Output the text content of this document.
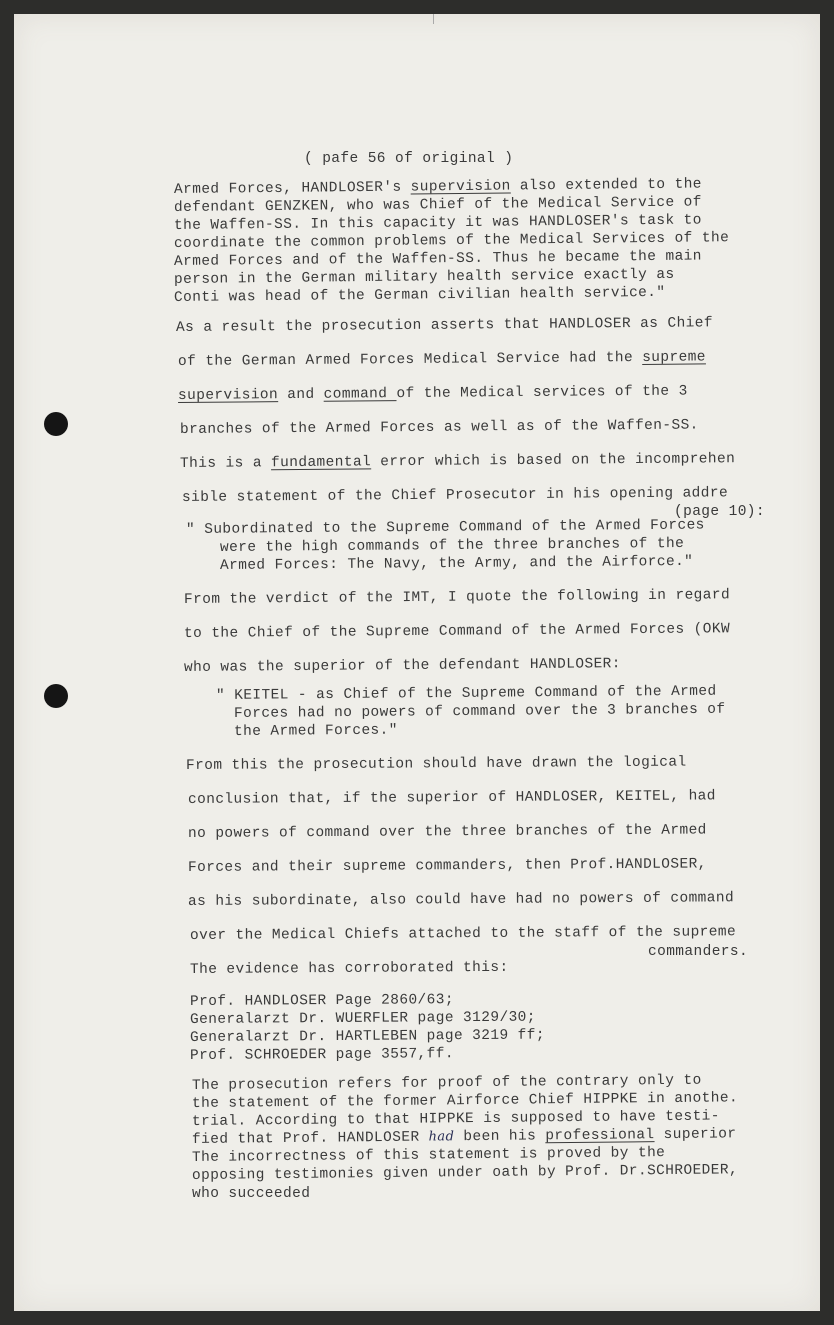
( pafe 56 of original )
Armed Forces, HANDLOSER's supervision also extended to the
defendant GENZKEN, who was Chief of the Medical Service of
the Waffen-SS. In this capacity it was HANDLOSER's task to
coordinate the common problems of the Medical Services of the
Armed Forces and of the Waffen-SS. Thus he became the main
person in the German military health service exactly as
Conti was head of the German civilian health service."
As a result the prosecution asserts that HANDLOSER as Chief
of the German Armed Forces Medical Service had the supreme
supervision and command of the Medical services of the 3
branches of the Armed Forces as well as of the Waffen-SS.
This is a fundamental error which is based on the incomprehen
sible statement of the Chief Prosecutor in his opening addre
(page 10):
" Subordinated to the Supreme Command of the Armed Forces
were the high commands of the three branches of the
Armed Forces: The Navy, the Army, and the Airforce."
From the verdict of the IMT, I quote the following in regard
to the Chief of the Supreme Command of the Armed Forces (OKW
who was the superior of the defendant HANDLOSER:
" KEITEL - as Chief of the Supreme Command of the Armed
Forces had no powers of command over the 3 branches of
the Armed Forces."
From this the prosecution should have drawn the logical
conclusion that, if the superior of HANDLOSER, KEITEL, had
no powers of command over the three branches of the Armed
Forces and their supreme commanders, then Prof.HANDLOSER,
as his subordinate, also could have had no powers of command
over the Medical Chiefs attached to the staff of the supreme
commanders.
The evidence has corroborated this:
Prof. HANDLOSER Page 2860/63;
Generalarzt Dr. WUERFLER page 3129/30;
Generalarzt Dr. HARTLEBEN page 3219 ff;
Prof. SCHROEDER page 3557,ff.
The prosecution refers for proof of the contrary only to
the statement of the former Airforce Chief HIPPKE in anothe.
trial. According to that HIPPKE is supposed to have testi-
fied that Prof. HANDLOSER had been his professional superior
The incorrectness of this statement is proved by the
opposing testimonies given under oath by Prof. Dr.SCHROEDER,
who succeeded
